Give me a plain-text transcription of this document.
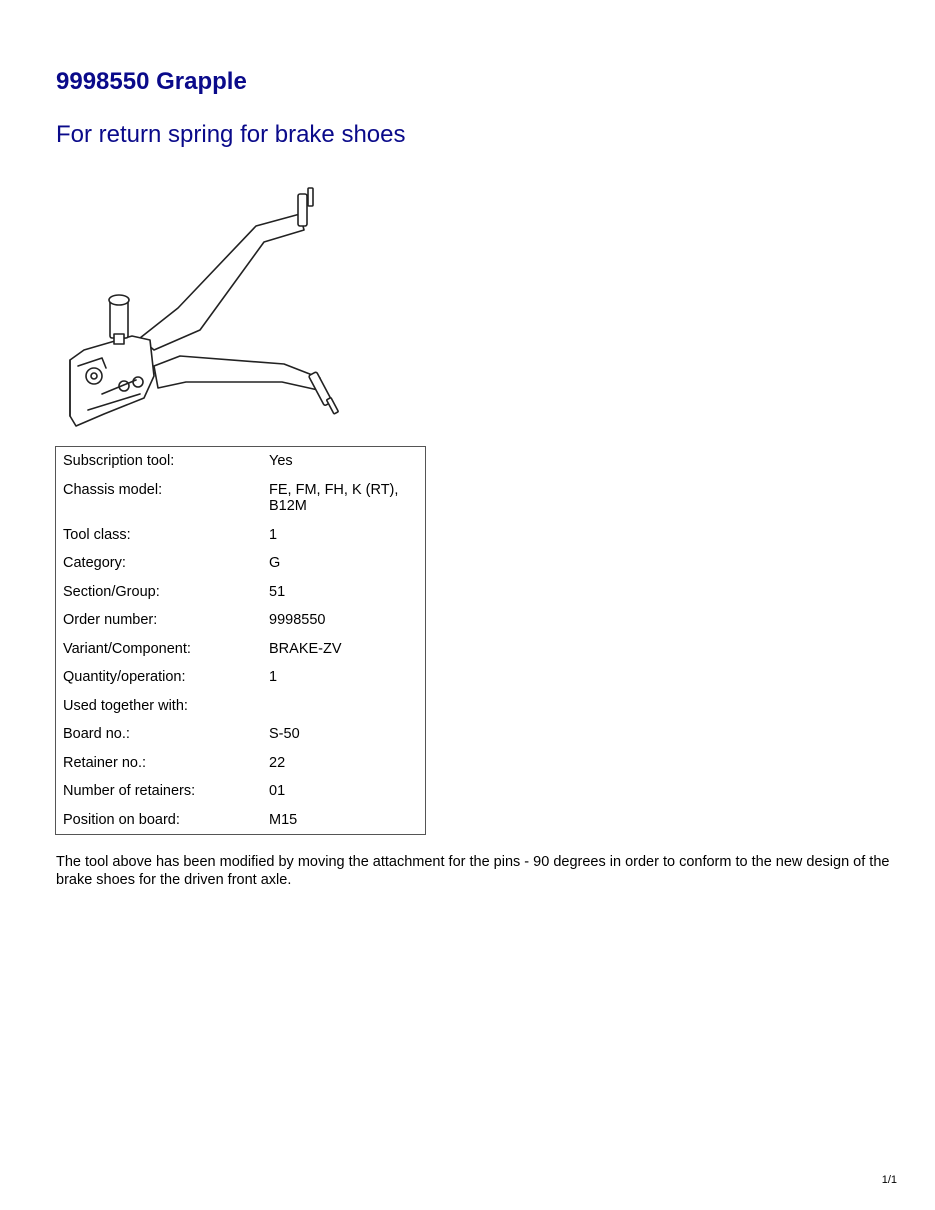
9998550 Grapple
For return spring for brake shoes
Subscription tool:	Yes
Chassis model:	FE, FM, FH, K (RT), B12M
Tool class:	1
Category:	G
Section/Group:	51
Order number:	9998550
Variant/Component:	BRAKE-ZV
Quantity/operation:	1
Used together with:	
Board no.:	S-50
Retainer no.:	22
Number of retainers:	01
Position on board:	M15

The tool above has been modified by moving the attachment for the pins - 90 degrees in order to conform to the new design of the brake shoes for the driven front axle.

1/1
